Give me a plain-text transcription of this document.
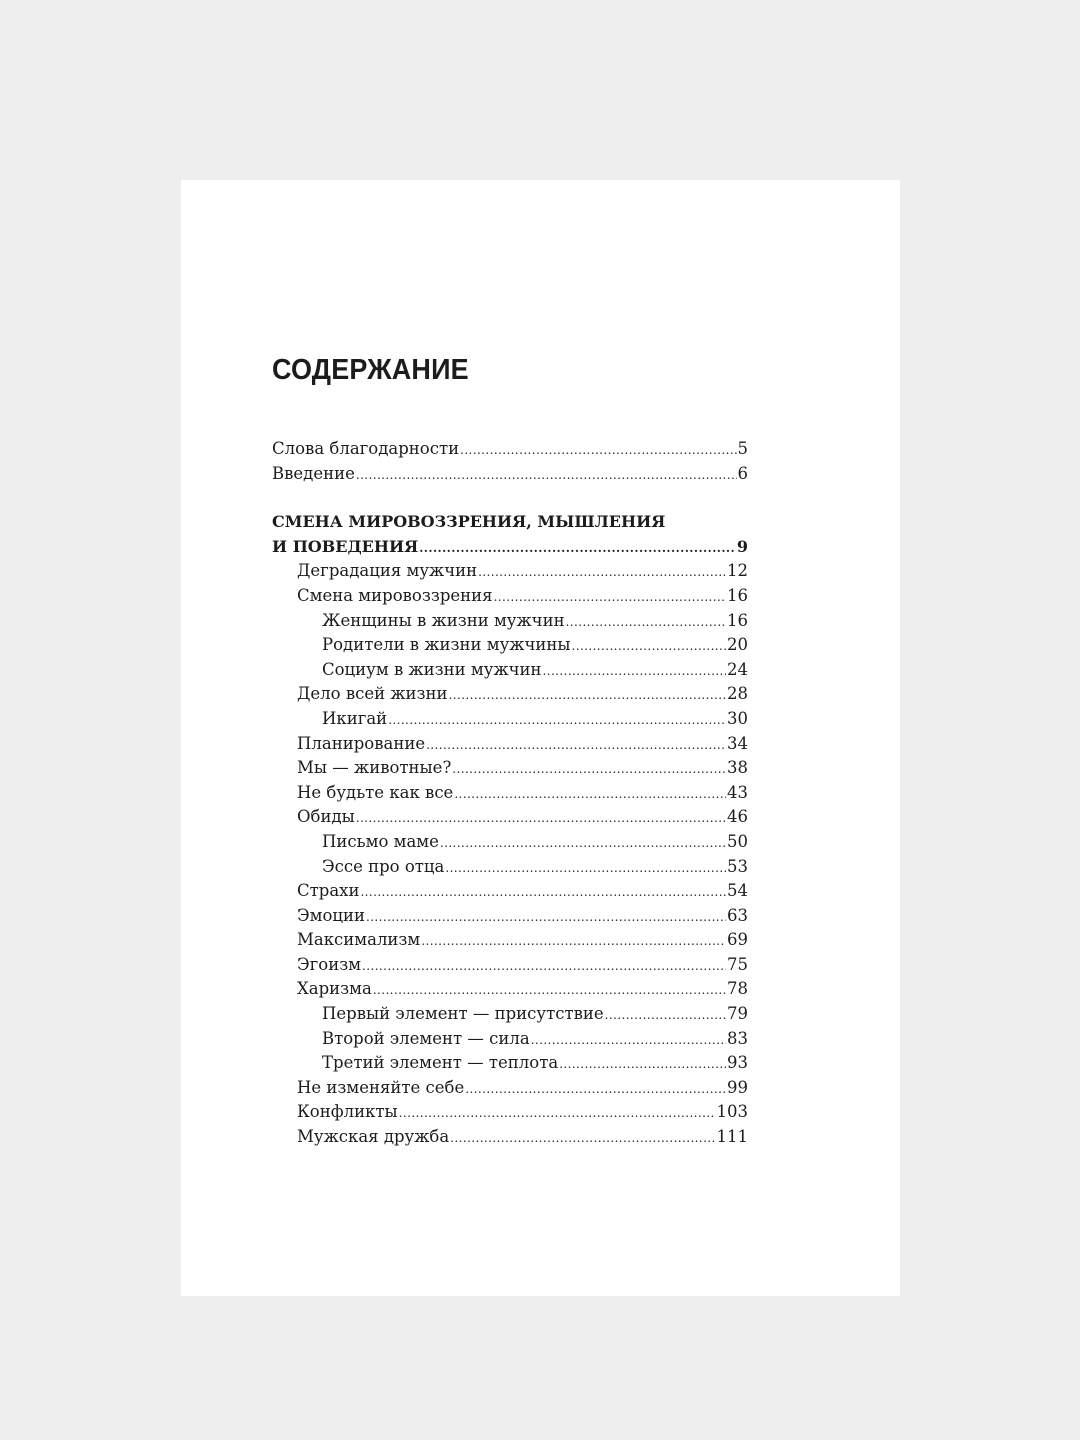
СОДЕРЖАНИЕ
Слова благодарности .....	5
Введение .....	6
СМЕНА МИРОВОЗЗРЕНИЯ, МЫШЛЕНИЯ
И ПОВЕДЕНИЯ .....	9
Деградация мужчин .....	12
Смена мировоззрения .....	16
Женщины в жизни мужчин .....	16
Родители в жизни мужчины .....	20
Социум в жизни мужчин .....	24
Дело всей жизни .....	28
Икигай .....	30
Планирование .....	34
Мы — животные? .....	38
Не будьте как все .....	43
Обиды .....	46
Письмо маме .....	50
Эссе про отца .....	53
Страхи .....	54
Эмоции .....	63
Максимализм .....	69
Эгоизм .....	75
Харизма .....	78
Первый элемент — присутствие .....	79
Второй элемент — сила .....	83
Третий элемент — теплота .....	93
Не изменяйте себе .....	99
Конфликты .....	103
Мужская дружба .....	111
